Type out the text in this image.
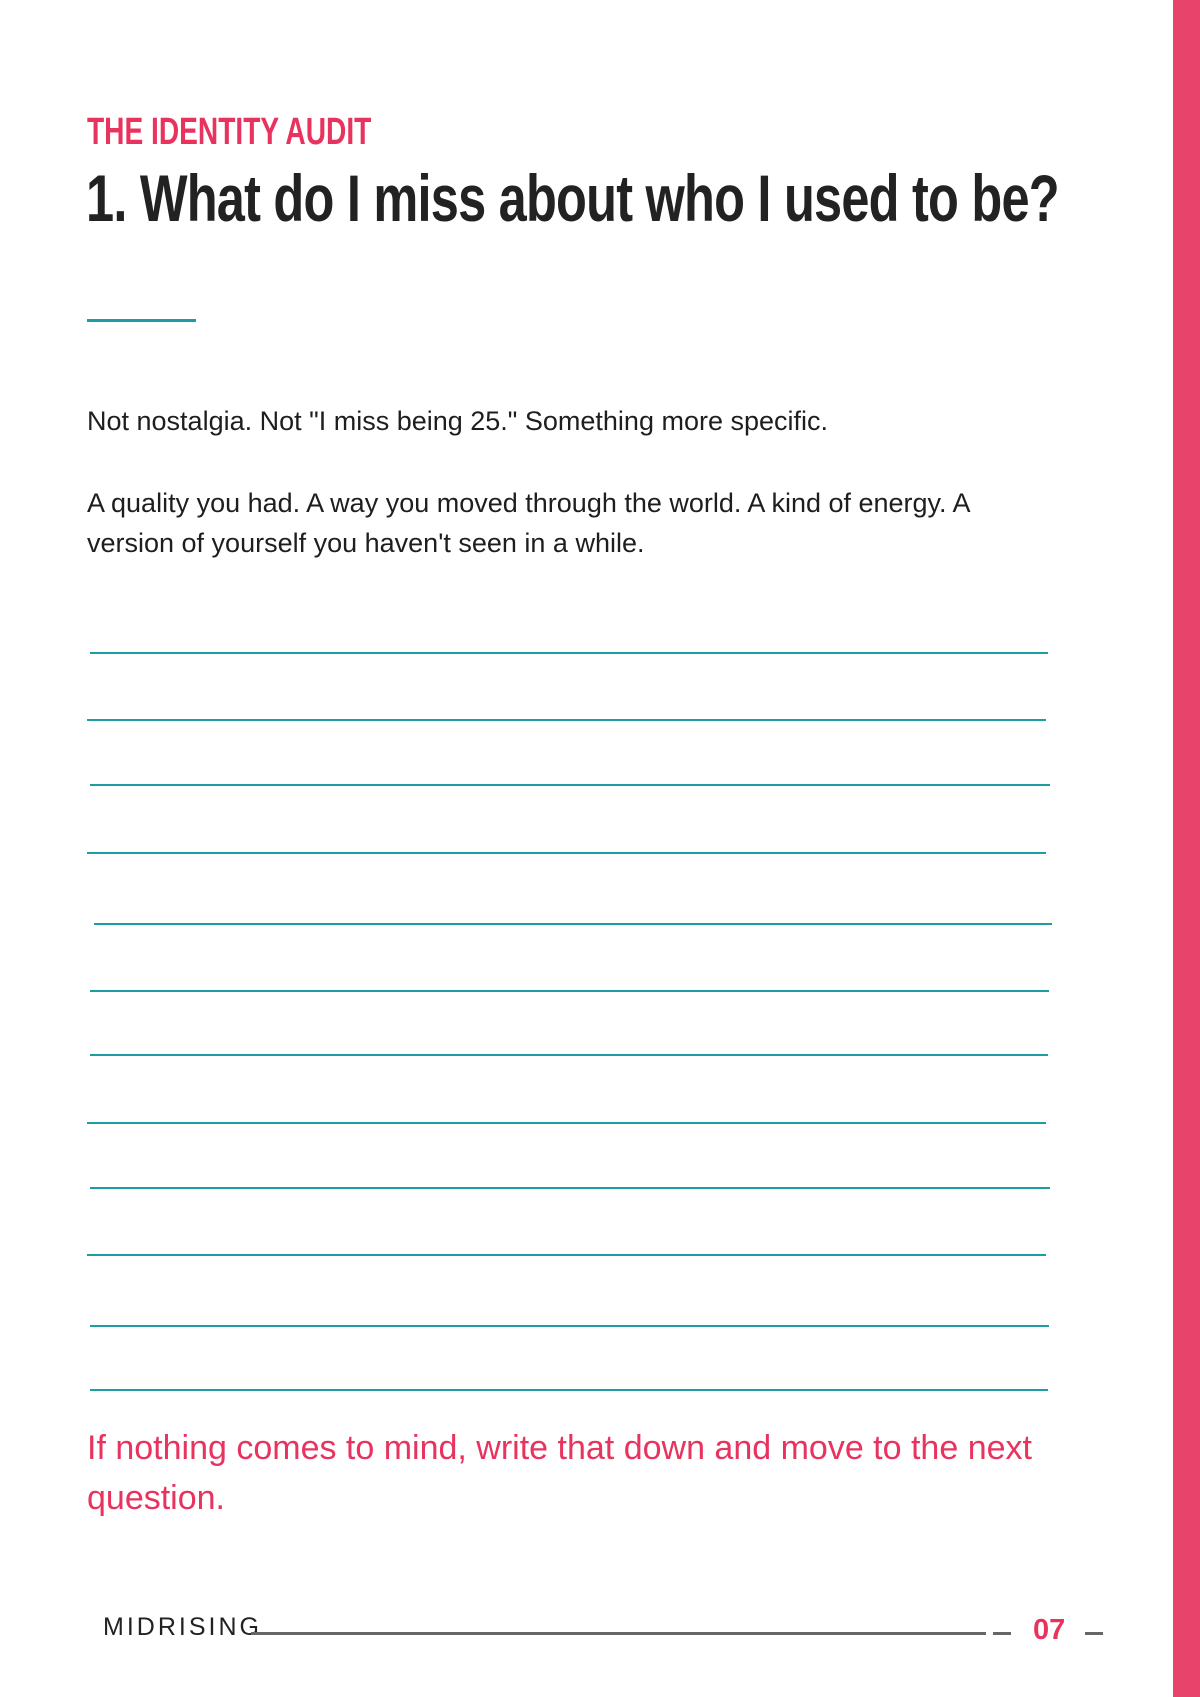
THE IDENTITY AUDIT
1. What do I miss about who I used to be?
Not nostalgia. Not "I miss being 25." Something more specific.
A quality you had. A way you moved through the world. A kind of energy. A
version of yourself you haven't seen in a while.
If nothing comes to mind, write that down and move to the next
question.
MIDRISING	07
